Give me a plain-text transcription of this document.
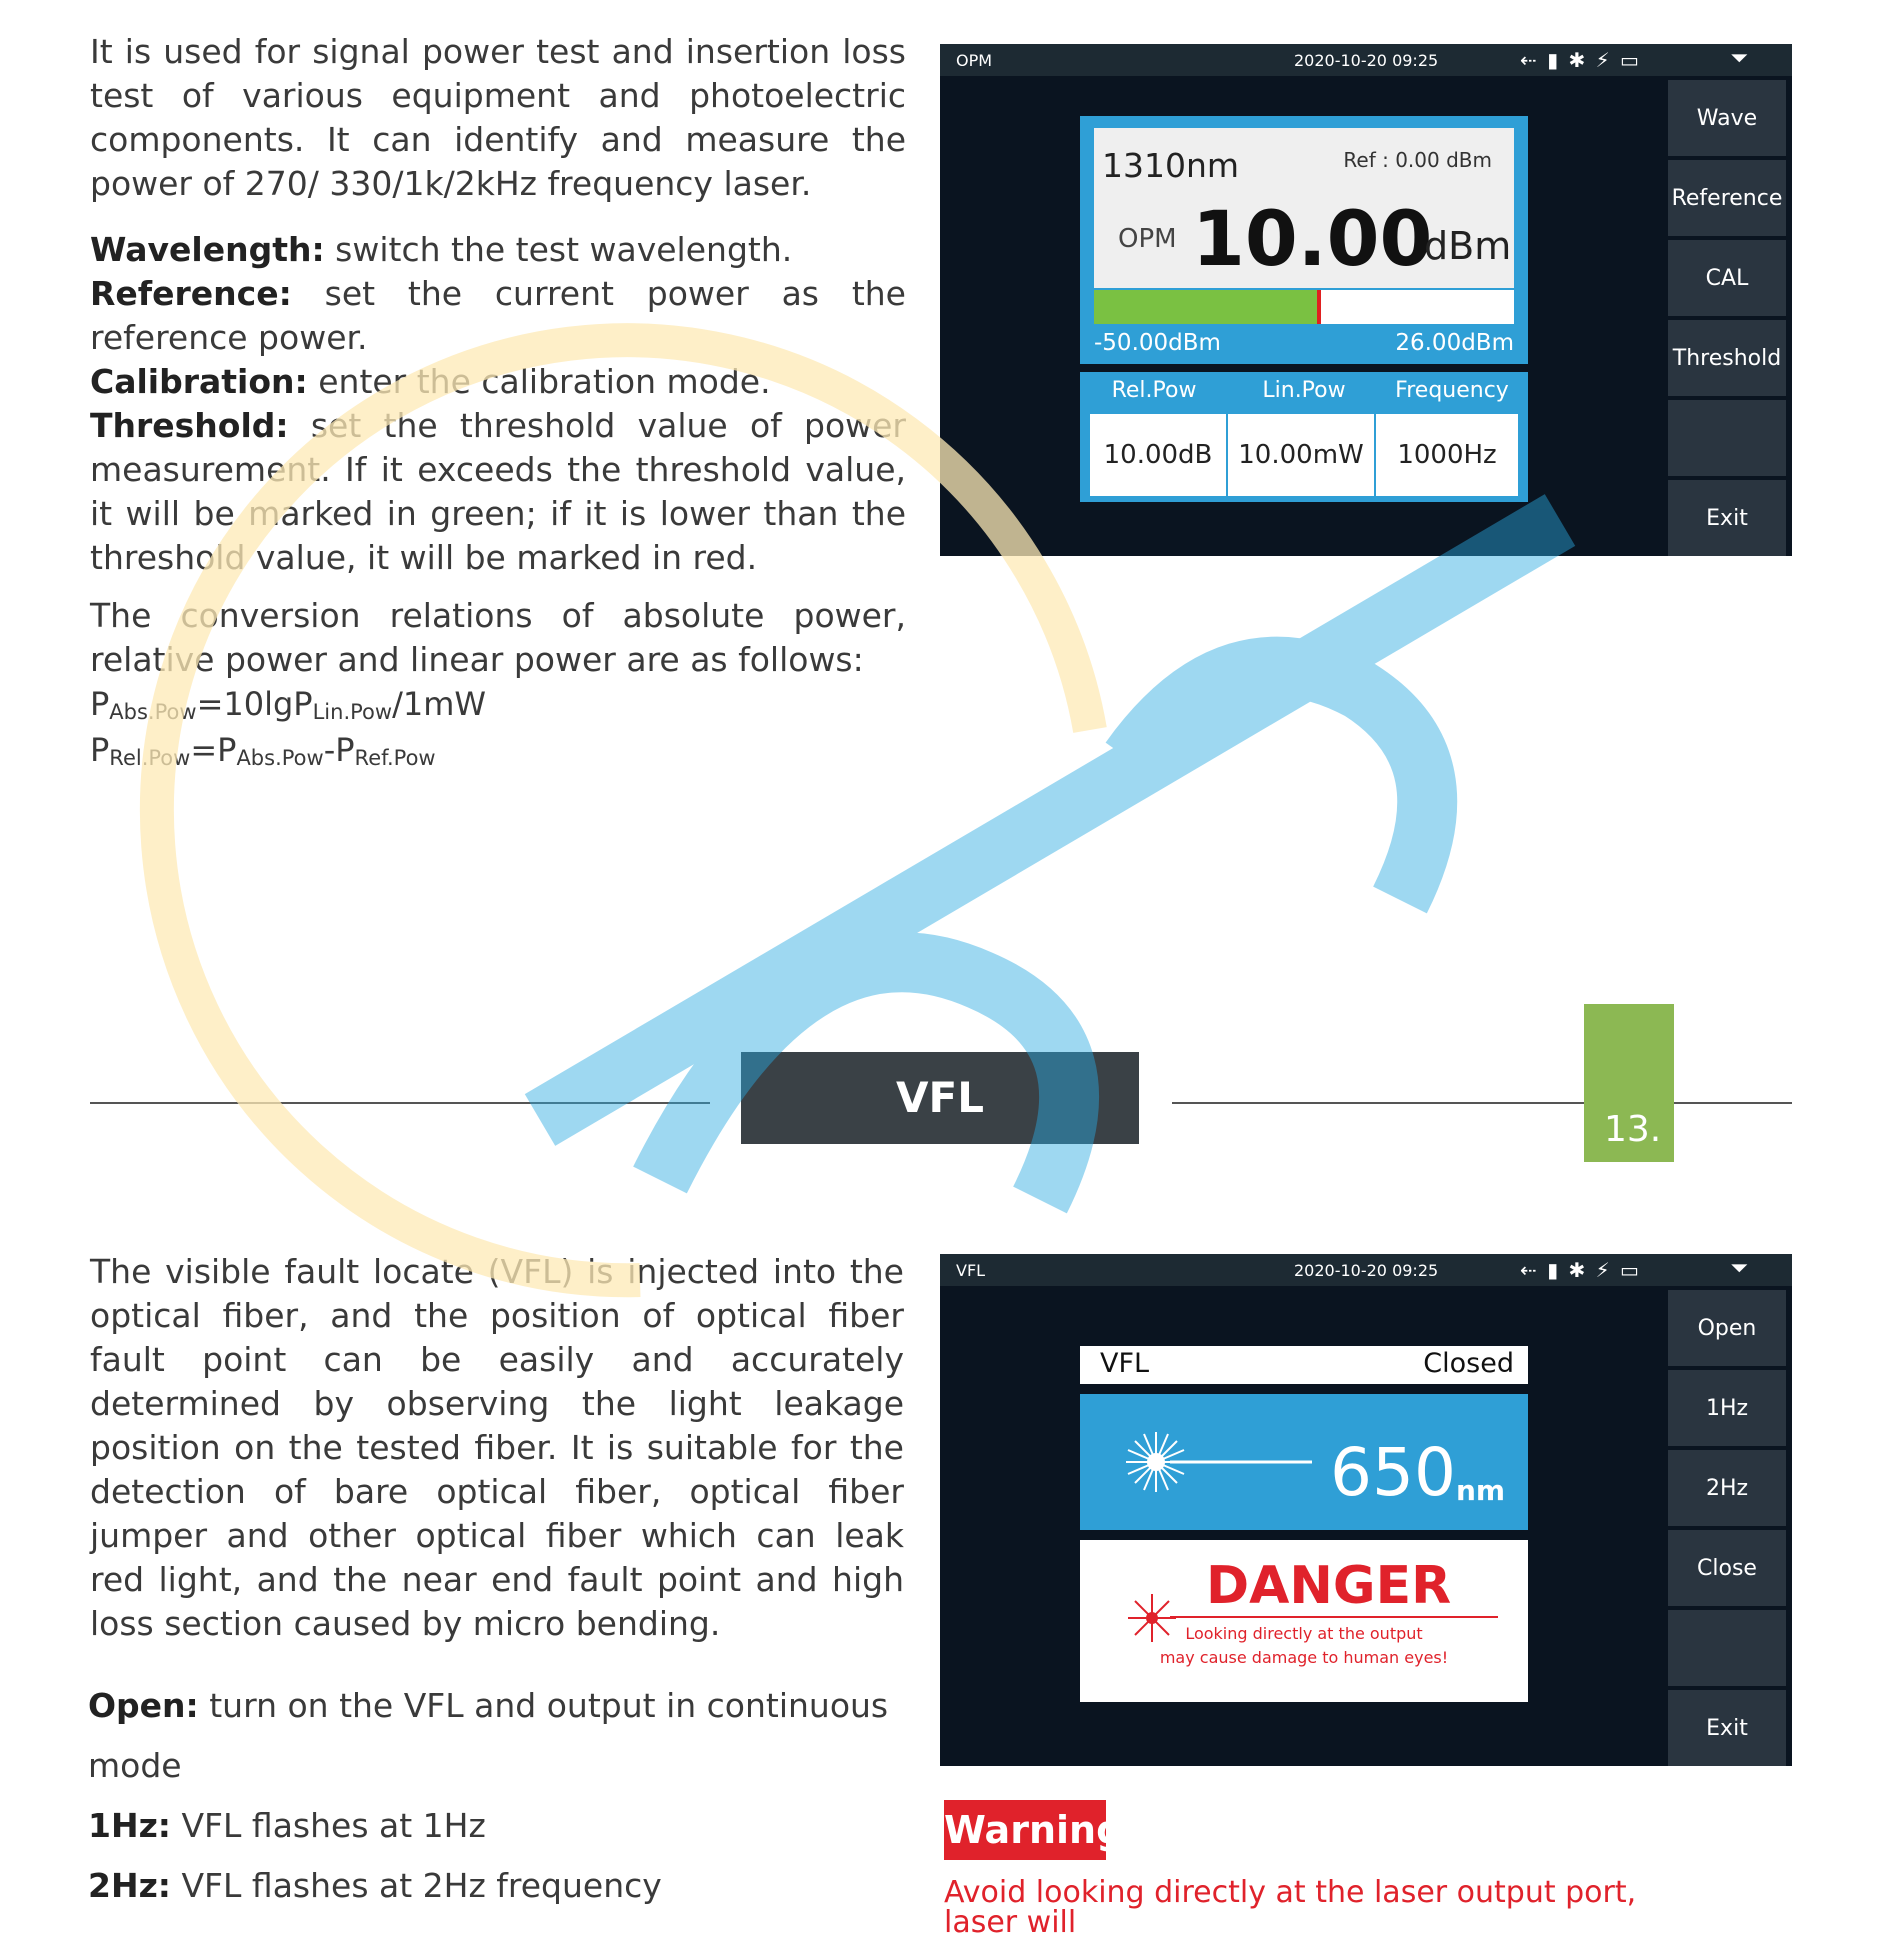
It is used for signal power test and insertion loss test of various equipment and photoelectric components. It can identify and measure the power of 270/ 330/1k/2kHz frequency laser.
Wavelength: switch the test wavelength.
Reference: set the current power as the reference power.
Calibration: enter the calibration mode.
Threshold: set the threshold value of power measurement. If it exceeds the threshold value, it will be marked in green; if it is lower than the threshold value, it will be marked in red.
The conversion relations of absolute power, relative power and linear power are as follows:
$P_{Abs.Pow}=10\lg P_{Lin.Pow}/1mW$
$P_{Rel.Pow}=P_{Abs.Pow}-P_{Ref.Pow}$
OPM	2020-10-20 09:25	⇠ ▮ ✱ ⚡ ▭	⏷
1310nm	Ref : 0.00 dBm
OPM 10.00
dBm
-50.00dBm	26.00dBm
Rel.Pow	Lin.Pow	Frequency
10.00dB 10.00mW	1000Hz
Wave
Reference
CAL
Threshold
Exit
VFL
13.
The visible fault locate (VFL) is injected into the optical fiber, and the position of optical fiber fault point can be easily and accurately determined by observing the light leakage position on the tested fiber. It is suitable for the detection of bare optical fiber, optical fiber jumper and other optical fiber which can leak red light, and the near end fault point and high loss section caused by micro bending.
Open: turn on the VFL and output in continuous
mode
1Hz: VFL flashes at 1Hz
2Hz: VFL flashes at 2Hz frequency
VFL	2020-10-20 09:25	⇠ ▮ ✱ ⚡ ▭	⏷
VFL	Closed
650 nm
DANGER
Looking directly at the output
may cause damage to human eyes!
Open
1Hz
2Hz
Close
Exit
Warning
Avoid looking directly at the laser output port, laser will
